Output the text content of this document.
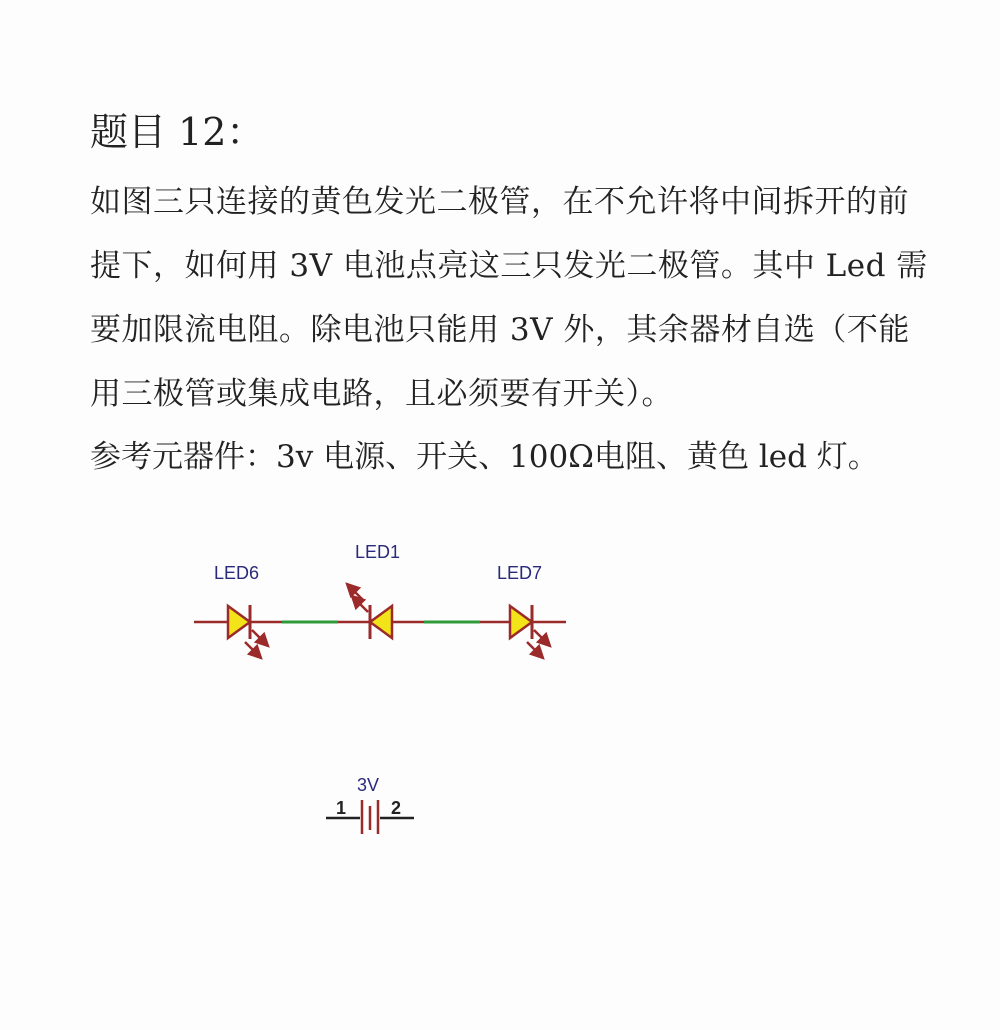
题目 12：
如图三只连接的黄色发光二极管，在不允许将中间拆开的前
提下，如何用 3V 电池点亮这三只发光二极管。其中 Led 需
要加限流电阻。除电池只能用 3V 外，其余器材自选（不能
用三极管或集成电路，且必须要有开关）。

参考元器件：3v 电源、开关、100Ω电阻、黄色 led 灯。

LED6
LED1
LED7
3V
1 2
